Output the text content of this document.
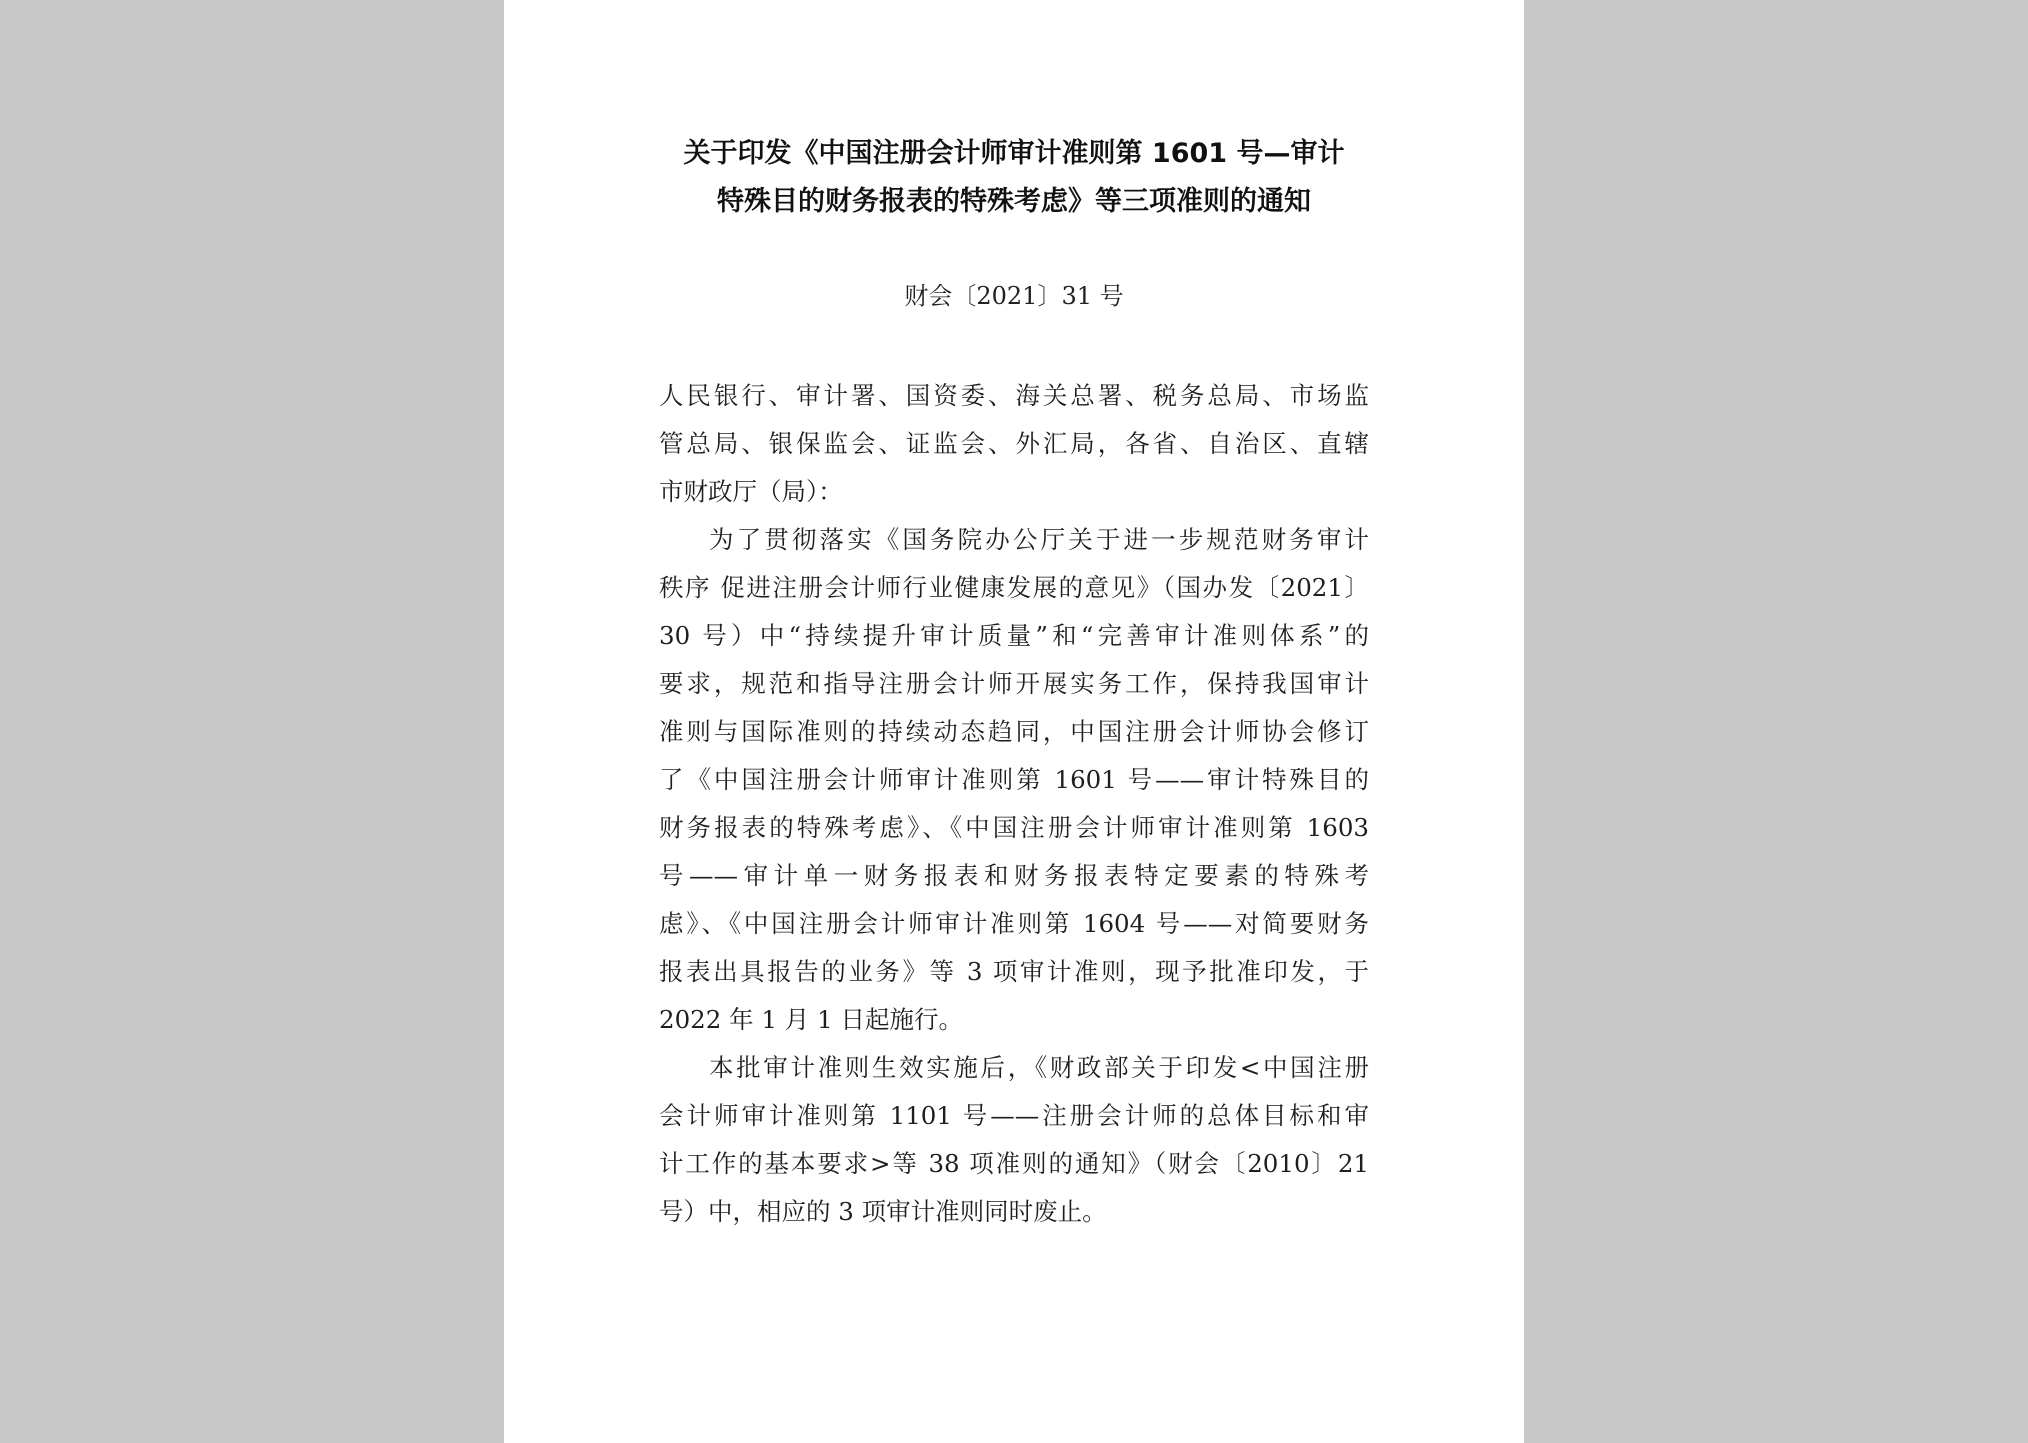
关于印发《中国注册会计师审计准则第 1601 号—审计
特殊目的财务报表的特殊考虑》等三项准则的通知
财会〔2021〕31 号
人民银行、审计署、国资委、海关总署、税务总局、市场监
管总局、银保监会、证监会、外汇局，各省、自治区、直辖
市财政厅（局）：
为了贯彻落实《国务院办公厅关于进一步规范财务审计
秩序 促进注册会计师行业健康发展的意见》（国办发〔2021〕
30 号）中“持续提升审计质量”和“完善审计准则体系”的
要求，规范和指导注册会计师开展实务工作，保持我国审计
准则与国际准则的持续动态趋同，中国注册会计师协会修订
了《中国注册会计师审计准则第 1601 号——审计特殊目的
财务报表的特殊考虑》、《中国注册会计师审计准则第 1603
号——审计单一财务报表和财务报表特定要素的特殊考
虑》、《中国注册会计师审计准则第 1604 号——对简要财务
报表出具报告的业务》等 3 项审计准则，现予批准印发，于
2022 年 1 月 1 日起施行。
本批审计准则生效实施后，《财政部关于印发<中国注册
会计师审计准则第 1101 号——注册会计师的总体目标和审
计工作的基本要求>等 38 项准则的通知》（财会〔2010〕21
号）中，相应的 3 项审计准则同时废止。
